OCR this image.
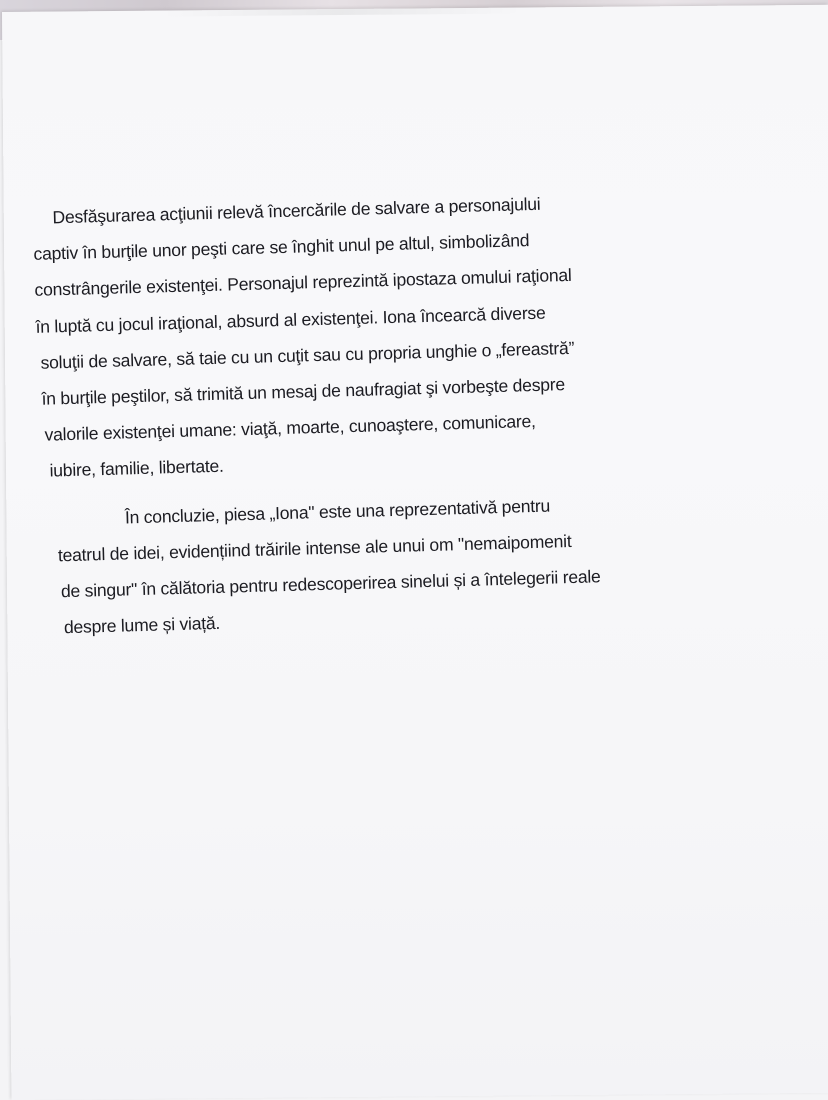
Desfăşurarea acţiunii relevă încercările de salvare a personajului
captiv în burţile unor peşti care se înghit unul pe altul, simbolizând
constrângerile existenţei. Personajul reprezintă ipostaza omului raţional
în luptă cu jocul iraţional, absurd al existenţei. Iona încearcă diverse
soluţii de salvare, să taie cu un cuţit sau cu propria unghie o „fereastră”
în burţile peştilor, să trimită un mesaj de naufragiat şi vorbeşte despre
valorile existenţei umane: viaţă, moarte, cunoaştere, comunicare,
iubire, familie, libertate.
În concluzie, piesa „Iona" este una reprezentativă pentru
teatrul de idei, evidențiind trăirile intense ale unui om "nemaipomenit
de singur" în călătoria pentru redescoperirea sinelui și a întelegerii reale
despre lume și viață.
